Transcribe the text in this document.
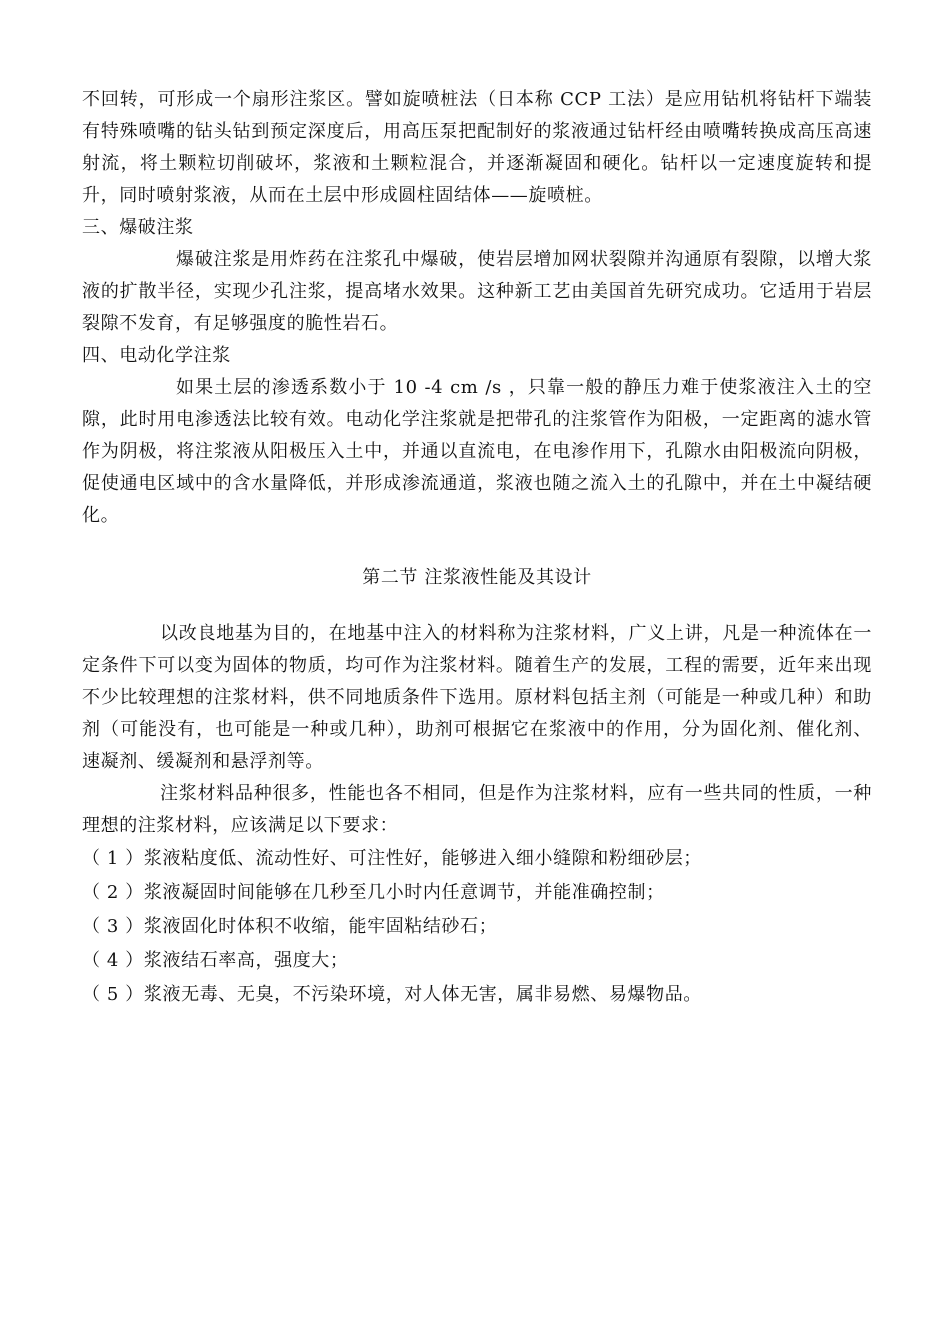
不回转，可形成一个扇形注浆区。譬如旋喷桩法（日本称 CCP 工法）是应用钻机将钻杆下端装有特殊喷嘴的钻头钻到预定深度后，用高压泵把配制好的浆液通过钻杆经由喷嘴转换成高压高速射流，将土颗粒切削破坏，浆液和土颗粒混合，并逐渐凝固和硬化。钻杆以一定速度旋转和提升，同时喷射浆液，从而在土层中形成圆柱固结体——旋喷桩。

三、爆破注浆

爆破注浆是用炸药在注浆孔中爆破，使岩层增加网状裂隙并沟通原有裂隙，以增大浆液的扩散半径，实现少孔注浆，提高堵水效果。这种新工艺由美国首先研究成功。它适用于岩层裂隙不发育，有足够强度的脆性岩石。

四、电动化学注浆

如果土层的渗透系数小于 10 -4 cm /s ，只靠一般的静压力难于使浆液注入土的空隙，此时用电渗透法比较有效。电动化学注浆就是把带孔的注浆管作为阳极，一定距离的滤水管作为阴极，将注浆液从阳极压入土中，并通以直流电，在电渗作用下，孔隙水由阳极流向阴极，促使通电区域中的含水量降低，并形成渗流通道，浆液也随之流入土的孔隙中，并在土中凝结硬化。

第二节 注浆液性能及其设计

以改良地基为目的，在地基中注入的材料称为注浆材料，广义上讲，凡是一种流体在一定条件下可以变为固体的物质，均可作为注浆材料。随着生产的发展，工程的需要，近年来出现不少比较理想的注浆材料，供不同地质条件下选用。原材料包括主剂（可能是一种或几种）和助剂（可能没有，也可能是一种或几种），助剂可根据它在浆液中的作用，分为固化剂、催化剂、速凝剂、缓凝剂和悬浮剂等。

注浆材料品种很多，性能也各不相同，但是作为注浆材料，应有一些共同的性质，一种理想的注浆材料，应该满足以下要求：

（ 1 ）浆液粘度低、流动性好、可注性好，能够进入细小缝隙和粉细砂层；

（ 2 ）浆液凝固时间能够在几秒至几小时内任意调节，并能准确控制；

（ 3 ）浆液固化时体积不收缩，能牢固粘结砂石；

（ 4 ）浆液结石率高，强度大；

（ 5 ）浆液无毒、无臭，不污染环境，对人体无害，属非易燃、易爆物品。
